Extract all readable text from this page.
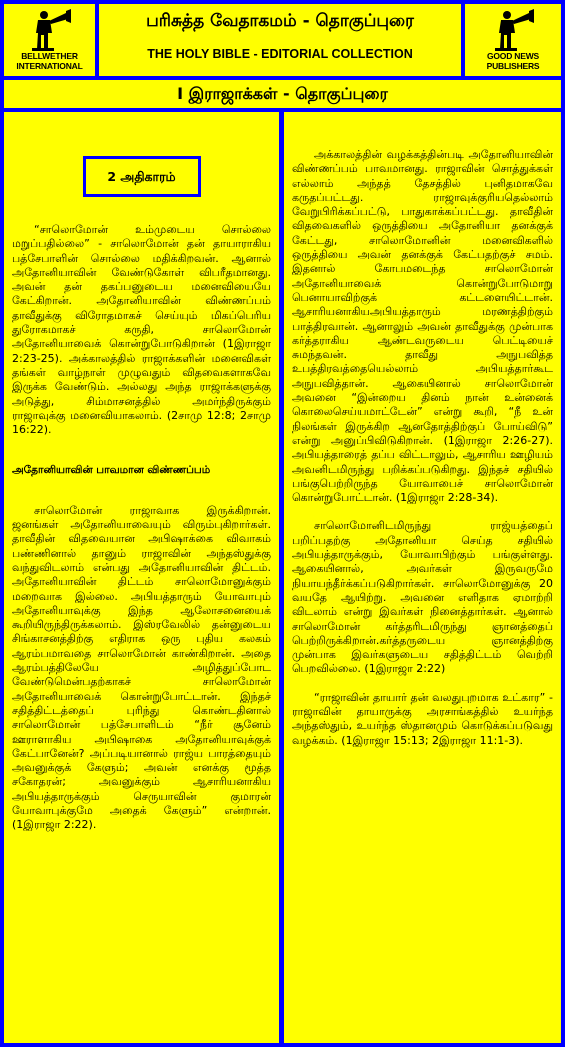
BELLWETHER
INTERNATIONAL
பரிசுத்த வேதாகமம் - தொகுப்புரை
THE HOLY BIBLE - EDITORIAL COLLECTION	GOOD NEWS
PUBLISHERS
I இராஜாக்கள் - தொகுப்புரை
2 அதிகாரம்

“சாலொமோன் உம்முடைய சொல்லை மறுப்பதில்லை” - சாலொமோன் தன் தாயாராகிய பத்சேபாளின் சொல்லை மதிக்கிறவன். ஆனால் அதோனியாவின் வேண்டுகோள் விபரீதமானது. அவன் தன் தகப்பனுடைய மனைவியையே கேட்கிறான். அதோனியாவின் விண்ணப்பம் தாவீதுக்கு விரோதமாகச் செய்யும் மிகப்பெரிய துரோகமாகச் கருதி, சாலொமோன் அதோனியாவைக் கொன்றுபோடுகிறான் (1இராஜா 2:23-25). அக்காலத்தில் ராஜாக்களின் மனைவிகள் தங்கள் வாழ்நாள் முழுவதும் விதவைகளாகவே இருக்க வேண்டும். அல்லது அந்த ராஜாக்களுக்கு அடுத்து, சிம்மாசனத்தில் அமர்ந்திருக்கும் ராஜாவுக்கு மனைவியாகலாம். (2சாமு 12:8; 2சாமு 16:22).

அதோனியாவின் பாவமான விண்ணப்பம்

சாலொமோன் ராஜாவாக இருக்கிறான். ஜனங்கள் அதோனியாவையும் விரும்புகிறார்கள். தாவீதின் விதவையான அபிஷாக்கை விவாகம் பண்ணினால் தானும் ராஜாவின் அந்தஸ்துக்கு வந்துவிடலாம் என்பது அதோனியாவின் திட்டம். அதோனியாவின் திட்டம் சாலொமோனுக்கும் மறைவாக இல்லை. அபியத்தாரும் யோவாபும் அதோனியாவுக்கு இந்த ஆலோசனையைக் கூறியிருந்திருக்கலாம். இஸ்ரவேலில் தன்னுடைய சிங்காசனத்திற்கு எதிராக ஒரு புதிய கலகம் ஆரம்பமாவதை சாலொமோன் காண்கிறான். அதை ஆரம்பத்திலேயே அழித்துப்போட வேண்டுமென்பதற்காகச் சாலொமோன் அதோனியாவைக் கொன்றுபோட்டான். இந்தச் சதித்திட்டத்தைப் புரிந்து கொண்டதினால் சாலொமோன் பத்சேபாளிடம் “நீர் சூனேம் ஊராளாகிய அபிஷாகை அதோனியாவுக்குக் கேட்பானேன்? அப்படியானால் ராஜ்ய பாரத்தையும் அவனுக்குக் கேளும்; அவன் எனக்கு மூத்த சகோதரன்; அவனுக்கும் ஆசாரியனாகிய அபியத்தாருக்கும் செருயாவின் குமாரன் யோவாபுக்குமே அதைக் கேளும்” என்றான். (1இராஜா 2:22).

அக்காலத்தின் வழக்கத்தின்படி அதோனியாவின் விண்ணப்பம் பாவமானது. ராஜாவின் சொத்துக்கள் எல்லாம் அந்தத் தேசத்தில் புனிதமாகவே கருதப்பட்டது. ராஜாவுக்குரியதெல்லாம் வேறுபிரிக்கப்பட்டு, பாதுகாக்கப்பட்டது. தாவீதின் விதவைகளில் ஒருத்தியை அதோனியா தனக்குக் கேட்டது, சாலொமோனின் மனைவிகளில் ஒருத்தியை அவன் தனக்குக் கேட்பதற்குச் சமம். இதனால் கோபமடைந்த சாலொமோன் அதோனியாவைக் கொன்றுபோடுமாறு பெனாயாவிற்குக் கட்டளையிட்டான். ஆசாரியனாகியஅபியத்தாரும் மரணத்திற்கும் பாத்திரவான். ஆனாலும் அவன் தாவீதுக்கு முன்பாக கர்த்தராகிய ஆண்டவருடைய பெட்டியைச் சுமந்தவன். தாவீது அநுபவித்த உபத்திரவத்தையெல்லாம் அபியத்தார்கூட அநுபவித்தான். ஆகையினால் சாலொமோன் அவனை “இன்றைய தினம் நான் உன்னைக் கொலைசெய்யமாட்டேன்” என்று கூறி, “நீ உன் நிலங்கள் இருக்கிற ஆனதோத்திற்குப் போய்விடு” என்று அனுப்பிவிடுகிறான். (1இராஜா 2:26-27). அபியத்தாரைத் தப்ப விட்டாலும், ஆசாரிய ஊழியம் அவனிடமிருந்து பறிக்கப்படுகிறது. இந்தச் சதியில் பங்குபெற்றிருந்த யோவாபைச் சாலொமோன் கொன்றுபோட்டான். (1இராஜா 2:28-34).

சாலொமோனிடமிருந்து ராஜ்யத்தைப் பறிப்பதற்கு அதோனியா செய்த சதியில் அபியத்தாருக்கும், யோவாபிற்கும் பங்குள்ளது. ஆகையினால், அவர்கள் இருவருமே நியாயந்தீர்க்கப்படுகிறார்கள். சாலொமோனுக்கு 20 வயதே ஆயிற்று. அவனை எளிதாக ஏமாற்றி விடலாம் என்று இவர்கள் நினைத்தார்கள். ஆனால் சாலொமோன் கர்த்தரிடமிருந்து ஞானத்தைப் பெற்றிருக்கிறான்.கர்த்தருடைய ஞானத்திற்கு முன்பாக இவர்களுடைய சதித்திட்டம் வெற்றி பெறவில்லை. (1இராஜா 2:22)

“ராஜாவின் தாயார் தன் வலதுபுறமாக உட்கார” - ராஜாவின் தாயாருக்கு அரசாங்கத்தில் உயர்ந்த அந்தஸ்தும், உயர்ந்த ஸ்தானமும் கொடுக்கப்படுவது வழக்கம். (1இராஜா 15:13; 2இராஜா 11:1-3).
